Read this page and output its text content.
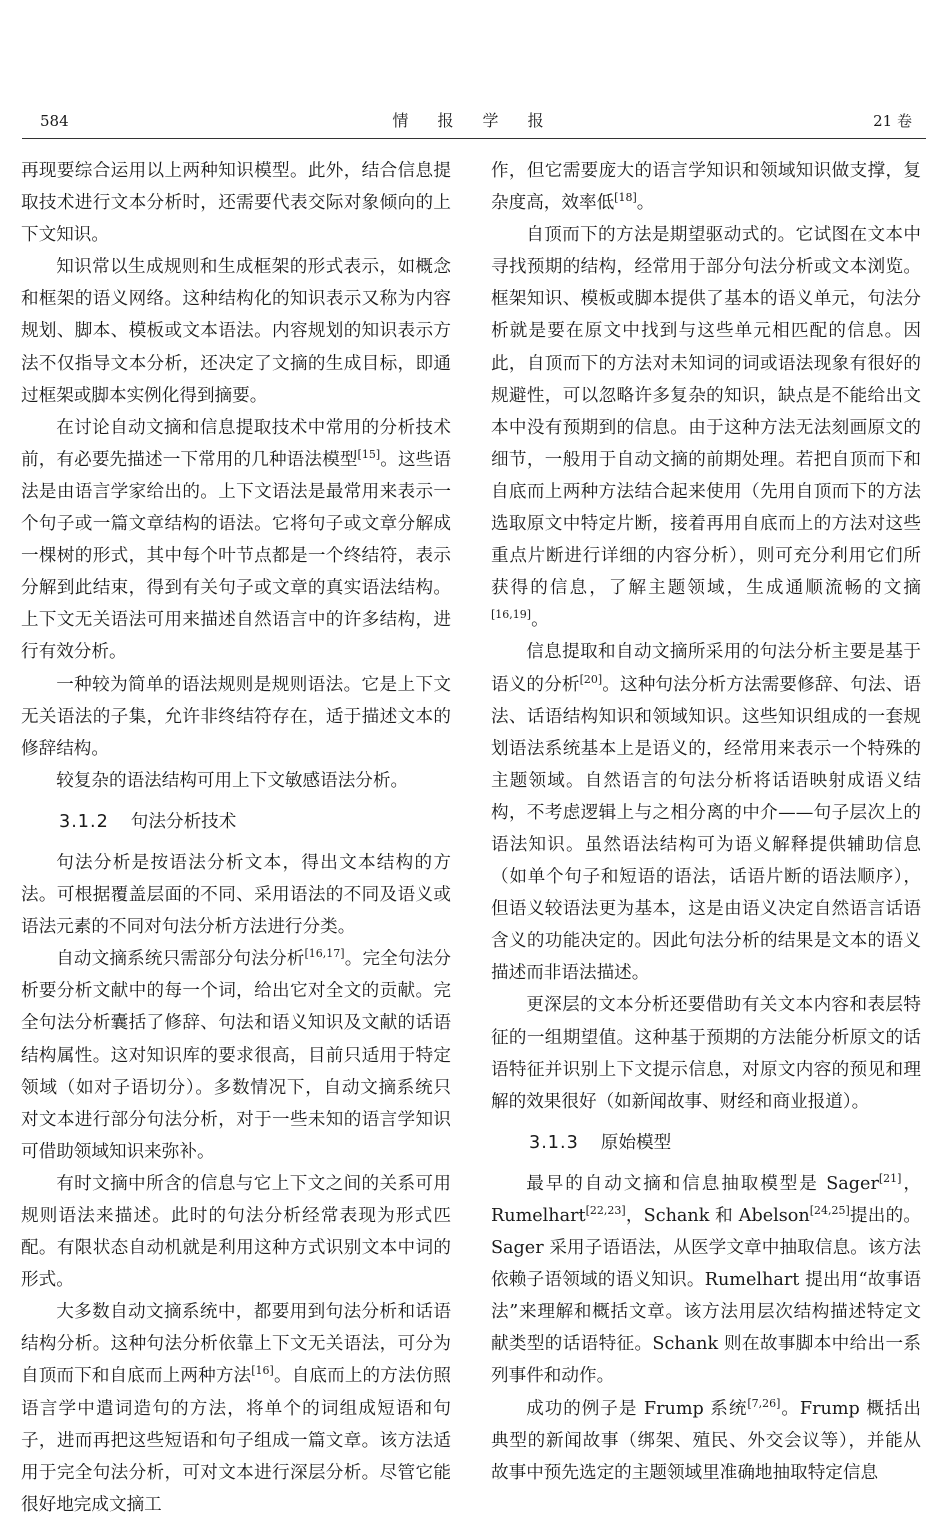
584	情 报 学 报	21 卷

再现要综合运用以上两种知识模型。此外，结合信息提取技术进行文本分析时，还需要代表交际对象倾向的上下文知识。

知识常以生成规则和生成框架的形式表示，如概念和框架的语义网络。这种结构化的知识表示又称为内容规划、脚本、模板或文本语法。内容规划的知识表示方法不仅指导文本分析，还决定了文摘的生成目标，即通过框架或脚本实例化得到摘要。

在讨论自动文摘和信息提取技术中常用的分析技术前，有必要先描述一下常用的几种语法模型[15]。这些语法是由语言学家给出的。上下文语法是最常用来表示一个句子或一篇文章结构的语法。它将句子或文章分解成一棵树的形式，其中每个叶节点都是一个终结符，表示分解到此结束，得到有关句子或文章的真实语法结构。上下文无关语法可用来描述自然语言中的许多结构，进行有效分析。

一种较为简单的语法规则是规则语法。它是上下文无关语法的子集，允许非终结符存在，适于描述文本的修辞结构。

较复杂的语法结构可用上下文敏感语法分析。

3.1.2 句法分析技术

句法分析是按语法分析文本，得出文本结构的方法。可根据覆盖层面的不同、采用语法的不同及语义或语法元素的不同对句法分析方法进行分类。

自动文摘系统只需部分句法分析[16,17]。完全句法分析要分析文献中的每一个词，给出它对全文的贡献。完全句法分析囊括了修辞、句法和语义知识及文献的话语结构属性。这对知识库的要求很高，目前只适用于特定领域（如对子语切分）。多数情况下，自动文摘系统只对文本进行部分句法分析，对于一些未知的语言学知识可借助领域知识来弥补。

有时文摘中所含的信息与它上下文之间的关系可用规则语法来描述。此时的句法分析经常表现为形式匹配。有限状态自动机就是利用这种方式识别文本中词的形式。

大多数自动文摘系统中，都要用到句法分析和话语结构分析。这种句法分析依靠上下文无关语法，可分为自顶而下和自底而上两种方法[16]。自底而上的方法仿照语言学中遣词造句的方法，将单个的词组成短语和句子，进而再把这些短语和句子组成一篇文章。该方法适用于完全句法分析，可对文本进行深层分析。尽管它能很好地完成文摘工

作，但它需要庞大的语言学知识和领域知识做支撑，复杂度高，效率低[18]。

自顶而下的方法是期望驱动式的。它试图在文本中寻找预期的结构，经常用于部分句法分析或文本浏览。框架知识、模板或脚本提供了基本的语义单元，句法分析就是要在原文中找到与这些单元相匹配的信息。因此，自顶而下的方法对未知词的词或语法现象有很好的规避性，可以忽略许多复杂的知识，缺点是不能给出文本中没有预期到的信息。由于这种方法无法刻画原文的细节，一般用于自动文摘的前期处理。若把自顶而下和自底而上两种方法结合起来使用（先用自顶而下的方法选取原文中特定片断，接着再用自底而上的方法对这些重点片断进行详细的内容分析），则可充分利用它们所获得的信息，了解主题领域，生成通顺流畅的文摘[16,19]。

信息提取和自动文摘所采用的句法分析主要是基于语义的分析[20]。这种句法分析方法需要修辞、句法、语法、话语结构知识和领域知识。这些知识组成的一套规划语法系统基本上是语义的，经常用来表示一个特殊的主题领域。自然语言的句法分析将话语映射成语义结构，不考虑逻辑上与之相分离的中介——句子层次上的语法知识。虽然语法结构可为语义解释提供辅助信息（如单个句子和短语的语法，话语片断的语法顺序），但语义较语法更为基本，这是由语义决定自然语言话语含义的功能决定的。因此句法分析的结果是文本的语义描述而非语法描述。

更深层的文本分析还要借助有关文本内容和表层特征的一组期望值。这种基于预期的方法能分析原文的话语特征并识别上下文提示信息，对原文内容的预见和理解的效果很好（如新闻故事、财经和商业报道）。

3.1.3 原始模型

最早的自动文摘和信息抽取模型是 Sager[21]，Rumelhart[22,23]，Schank 和 Abelson[24,25]提出的。Sager 采用子语语法，从医学文章中抽取信息。该方法依赖子语领域的语义知识。Rumelhart 提出用“故事语法”来理解和概括文章。该方法用层次结构描述特定文献类型的话语特征。Schank 则在故事脚本中给出一系列事件和动作。

成功的例子是 Frump 系统[7,26]。Frump 概括出典型的新闻故事（绑架、殖民、外交会议等），并能从故事中预先选定的主题领域里准确地抽取特定信息
